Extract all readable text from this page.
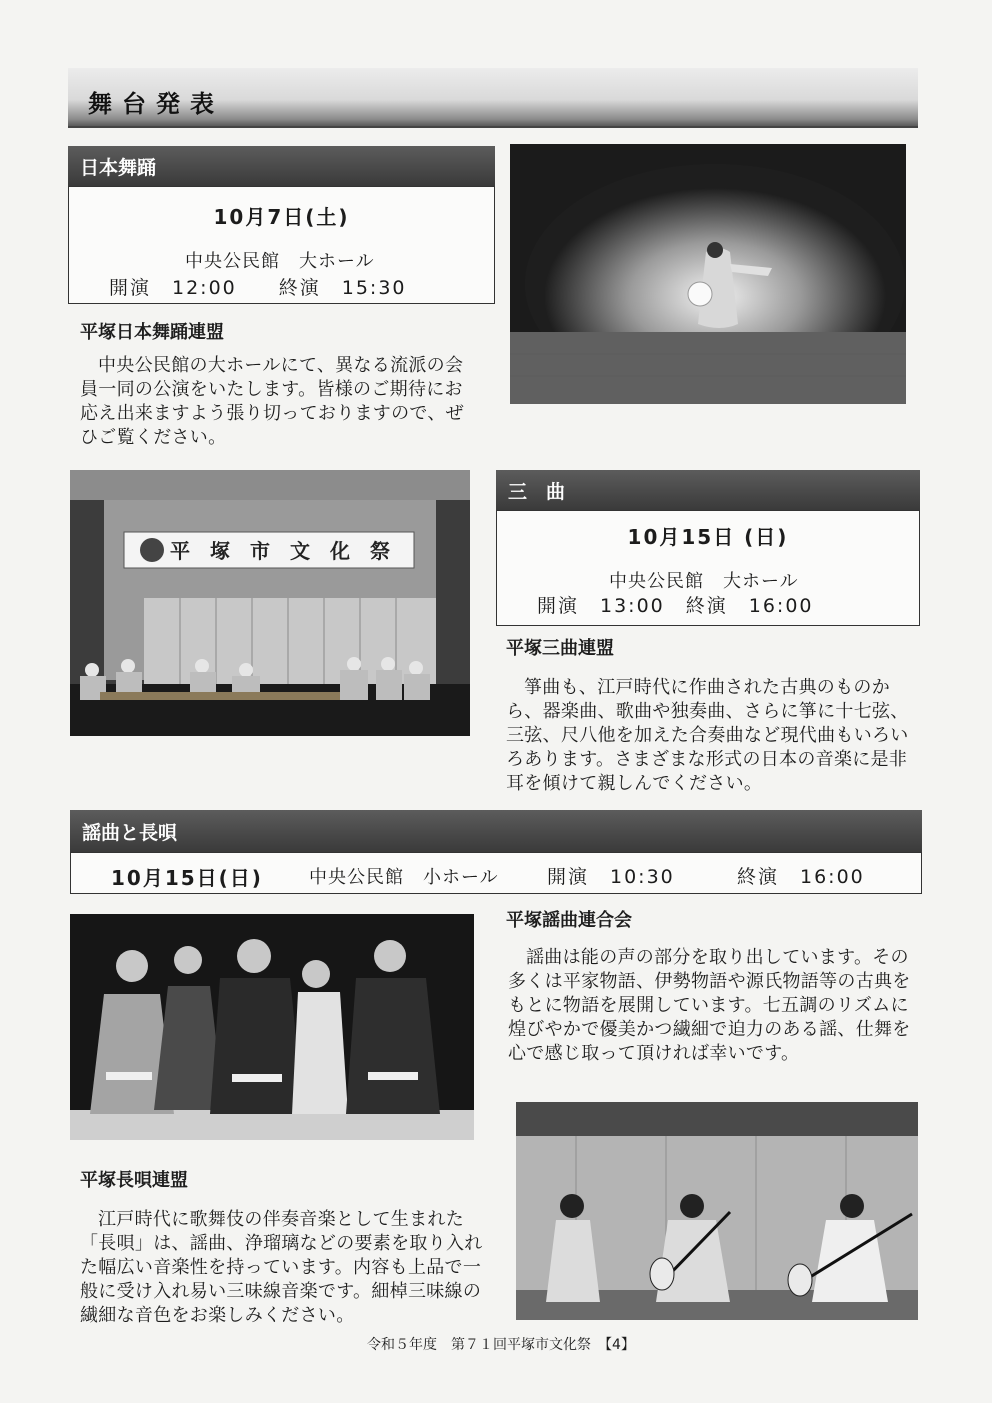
舞台発表
日本舞踊
10月7日(土)
中央公民館　大ホール
開演　12:00　　終演　15:30
平塚日本舞踊連盟
中央公民館の大ホールにて、異なる流派の会員一同の公演をいたします。皆様のご期待にお応え出来ますよう張り切っておりますので、ぜひご覧ください。
平　塚　市　文　化　祭
三　曲
10月15日 (日)
中央公民館　大ホール
開演　13:00　終演　16:00
平塚三曲連盟
箏曲も、江戸時代に作曲された古典のものから、器楽曲、歌曲や独奏曲、さらに箏に十七弦、三弦、尺八他を加えた合奏曲など現代曲もいろいろあります。さまざまな形式の日本の音楽に是非耳を傾けて親しんでください。
謡曲と長唄
10月15日(日)	中央公民館　小ホール	開演　10:30	終演　16:00
平塚謡曲連合会
謡曲は能の声の部分を取り出しています。その多くは平家物語、伊勢物語や源氏物語等の古典をもとに物語を展開しています。七五調のリズムに煌びやかで優美かつ繊細で迫力のある謡、仕舞を心で感じ取って頂ければ幸いです。
平塚長唄連盟
江戸時代に歌舞伎の伴奏音楽として生まれた「長唄」は、謡曲、浄瑠璃などの要素を取り入れた幅広い音楽性を持っています。内容も上品で一般に受け入れ易い三味線音楽です。細棹三味線の繊細な音色をお楽しみください。
令和５年度　第７１回平塚市文化祭　【4】
